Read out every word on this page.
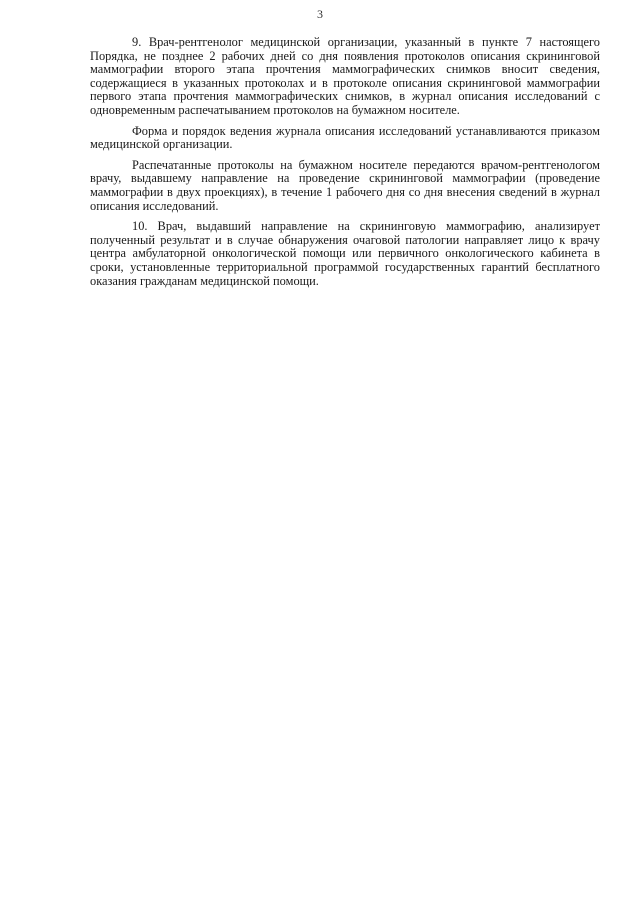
3

9. Врач-рентгенолог медицинской организации, указанный в пункте 7 настоящего Порядка, не позднее 2 рабочих дней со дня появления протоколов описания скрининговой маммографии второго этапа прочтения маммографических снимков вносит сведения, содержащиеся в указанных протоколах и в протоколе описания скрининговой маммографии первого этапа прочтения маммографических снимков, в журнал описания исследований с одновременным распечатыванием протоколов на бумажном носителе.

Форма и порядок ведения журнала описания исследований устанавливаются приказом медицинской организации.

Распечатанные протоколы на бумажном носителе передаются врачом-рентгенологом врачу, выдавшему направление на проведение скрининговой маммографии (проведение маммографии в двух проекциях), в течение 1 рабочего дня со дня внесения сведений в журнал описания исследований.

10. Врач, выдавший направление на скрининговую маммографию, анализирует полученный результат и в случае обнаружения очаговой патологии направляет лицо к врачу центра амбулаторной онкологической помощи или первичного онкологического кабинета в сроки, установленные территориальной программой государственных гарантий бесплатного оказания гражданам медицинской помощи.
